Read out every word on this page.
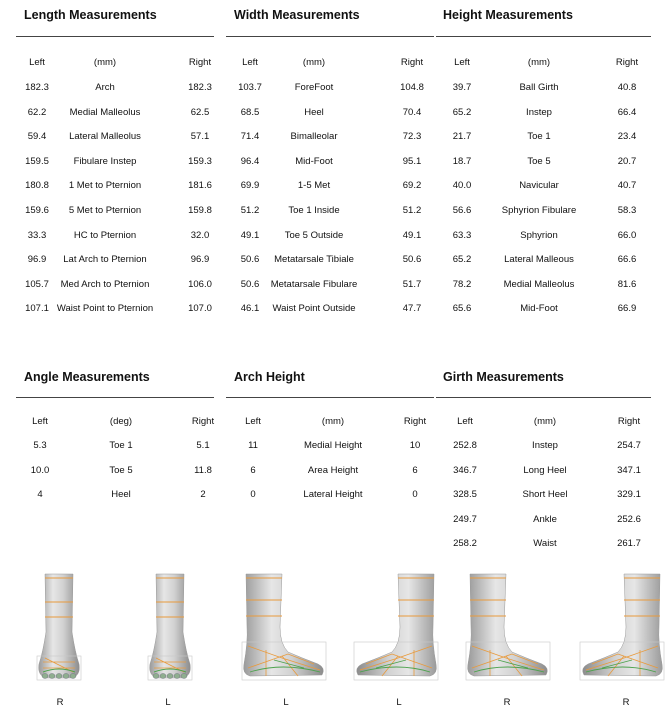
Length Measurements
Left	(mm)	Right
182.3	Arch	182.3
62.2 Medial Malleolus	62.5
59.4 Lateral Malleolus	57.1
159.5	Fibulare Instep	159.3
180.8 1 Met to Pternion	181.6
159.6 5 Met to Pternion	159.8
33.3	HC to Pternion	32.0
96.9 Lat Arch to Pternion	96.9
105.7 Med Arch to Pternion	106.0
107.1 Waist Point to Pternion	107.0
Width Measurements
Left	(mm)	Right
103.7	ForeFoot	104.8
68.5	Heel	70.4
71.4	Bimalleolar	72.3
96.4	Mid-Foot	95.1
69.9	1-5 Met	69.2
51.2	Toe 1 Inside	51.2
49.1	Toe 5 Outside	49.1
50.6 Metatarsale Tibiale	50.6
50.6 Metatarsale Fibulare	51.7
46.1 Waist Point Outside	47.7
Height Measurements
Left	(mm)	Right
39.7	Ball Girth	40.8
65.2	Instep	66.4
21.7	Toe 1	23.4
18.7	Toe 5	20.7
40.0	Navicular	40.7
56.6	Sphyrion Fibulare	58.3
63.3	Sphyrion	66.0
65.2	Lateral Malleous	66.6
78.2	Medial Malleolus	81.6
65.6	Mid-Foot	66.9
Angle Measurements
Left	(deg)	Right
5.3	Toe 1	5.1
10.0	Toe 5	11.8
4	Heel	2
Arch Height
Left	(mm)	Right
11	Medial Height	10
6	Area Height	6
0	Lateral Height	0
Girth Measurements
Left	(mm)	Right
252.8	Instep	254.7
346.7	Long Heel	347.1
328.5	Short Heel	329.1
249.7	Ankle	252.6
258.2	Waist	261.7
R	L	L	L	R	R
